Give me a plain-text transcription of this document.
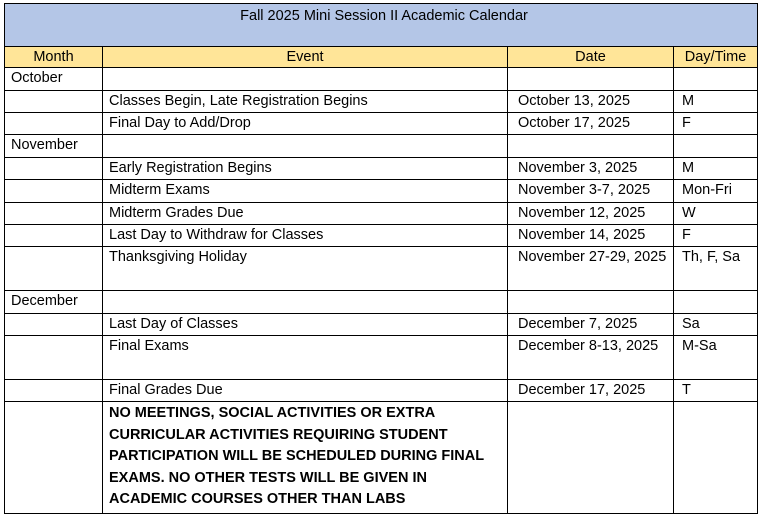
Fall 2025 Mini Session II Academic Calendar			
Month	Event	Date	Day/Time
October			
	Classes Begin, Late Registration Begins	October 13, 2025	M
	Final Day to Add/Drop	October 17, 2025	F
November			
	Early Registration Begins	November 3, 2025	M
	Midterm Exams	November 3-7, 2025	Mon-Fri
	Midterm Grades Due	November 12, 2025	W
	Last Day to Withdraw for Classes	November 14, 2025	F
	Thanksgiving Holiday	November 27-29, 2025	Th, F, Sa
December			
	Last Day of Classes	December 7, 2025	Sa
	Final Exams	December 8-13, 2025	M-Sa
	Final Grades Due	December 17, 2025	T
	NO MEETINGS, SOCIAL ACTIVITIES OR EXTRA CURRICULAR ACTIVITIES REQUIRING STUDENT PARTICIPATION WILL BE SCHEDULED DURING FINAL EXAMS. NO OTHER TESTS WILL BE GIVEN IN ACADEMIC COURSES OTHER THAN LABS		
